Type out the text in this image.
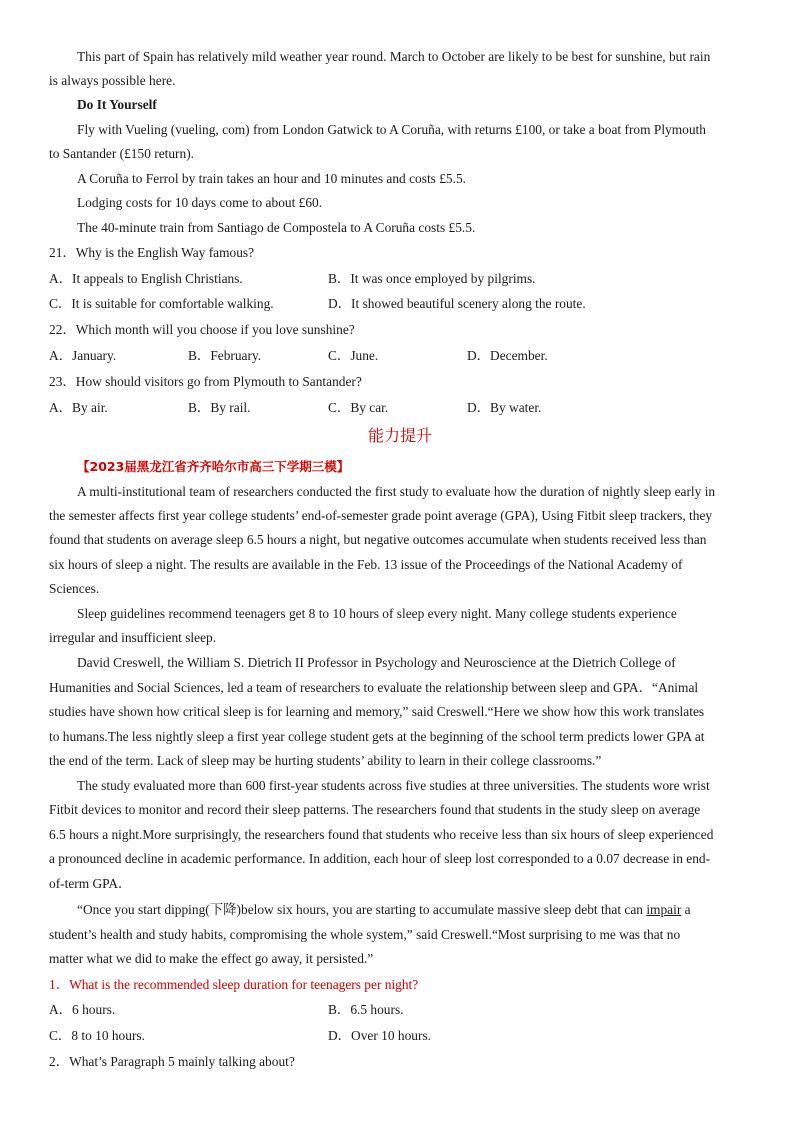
This part of Spain has relatively mild weather year round. March to October are likely to be best for sunshine, but rain
is always possible here.
Do It Yourself
Fly with Vueling (vueling, com) from London Gatwick to A Coruña, with returns £100, or take a boat from Plymouth
to Santander (£150 return).
A Coruña to Ferrol by train takes an hour and 10 minutes and costs £5.5.
Lodging costs for 10 days come to about £60.
The 40-minute train from Santiago de Compostela to A Coruña costs £5.5.
21．Why is the English Way famous?
A．It appeals to English Christians.	B．It was once employed by pilgrims.
C．It is suitable for comfortable walking.	D．It showed beautiful scenery along the route.
22．Which month will you choose if you love sunshine?
A．January.	B．February.	C．June.	D．December.
23．How should visitors go from Plymouth to Santander?
A．By air.	B．By rail.	C．By car.	D．By water.
能力提升
【2023届黑龙江省齐齐哈尔市高三下学期三模】
A multi-institutional team of researchers conducted the first study to evaluate how the duration of nightly sleep early in
the semester affects first year college students’ end-of-semester grade point average (GPA), Using Fitbit sleep trackers, they
found that students on average sleep 6.5 hours a night, but negative outcomes accumulate when students received less than
six hours of sleep a night. The results are available in the Feb. 13 issue of the Proceedings of the National Academy of
Sciences.
Sleep guidelines recommend teenagers get 8 to 10 hours of sleep every night. Many college students experience
irregular and insufficient sleep.
David Creswell, the William S. Dietrich II Professor in Psychology and Neuroscience at the Dietrich College of
Humanities and Social Sciences, led a team of researchers to evaluate the relationship between sleep and GPA．“Animal
studies have shown how critical sleep is for learning and memory,” said Creswell.“Here we show how this work translates
to humans.The less nightly sleep a first year college student gets at the beginning of the school term predicts lower GPA at
the end of the term. Lack of sleep may be hurting students’ ability to learn in their college classrooms.”
The study evaluated more than 600 first-year students across five studies at three universities. The students wore wrist
Fitbit devices to monitor and record their sleep patterns. The researchers found that students in the study sleep on average
6.5 hours a night.More surprisingly, the researchers found that students who receive less than six hours of sleep experienced
a pronounced decline in academic performance. In addition, each hour of sleep lost corresponded to a 0.07 decrease in end-
of-term GPA．
“Once you start dipping(下降)below six hours, you are starting to accumulate massive sleep debt that can impair a
student’s health and study habits, compromising the whole system,” said Creswell.“Most surprising to me was that no
matter what we did to make the effect go away, it persisted.”
1．What is the recommended sleep duration for teenagers per night?
A．6 hours.	B．6.5 hours.
C．8 to 10 hours.	D．Over 10 hours.
2．What’s Paragraph 5 mainly talking about?
